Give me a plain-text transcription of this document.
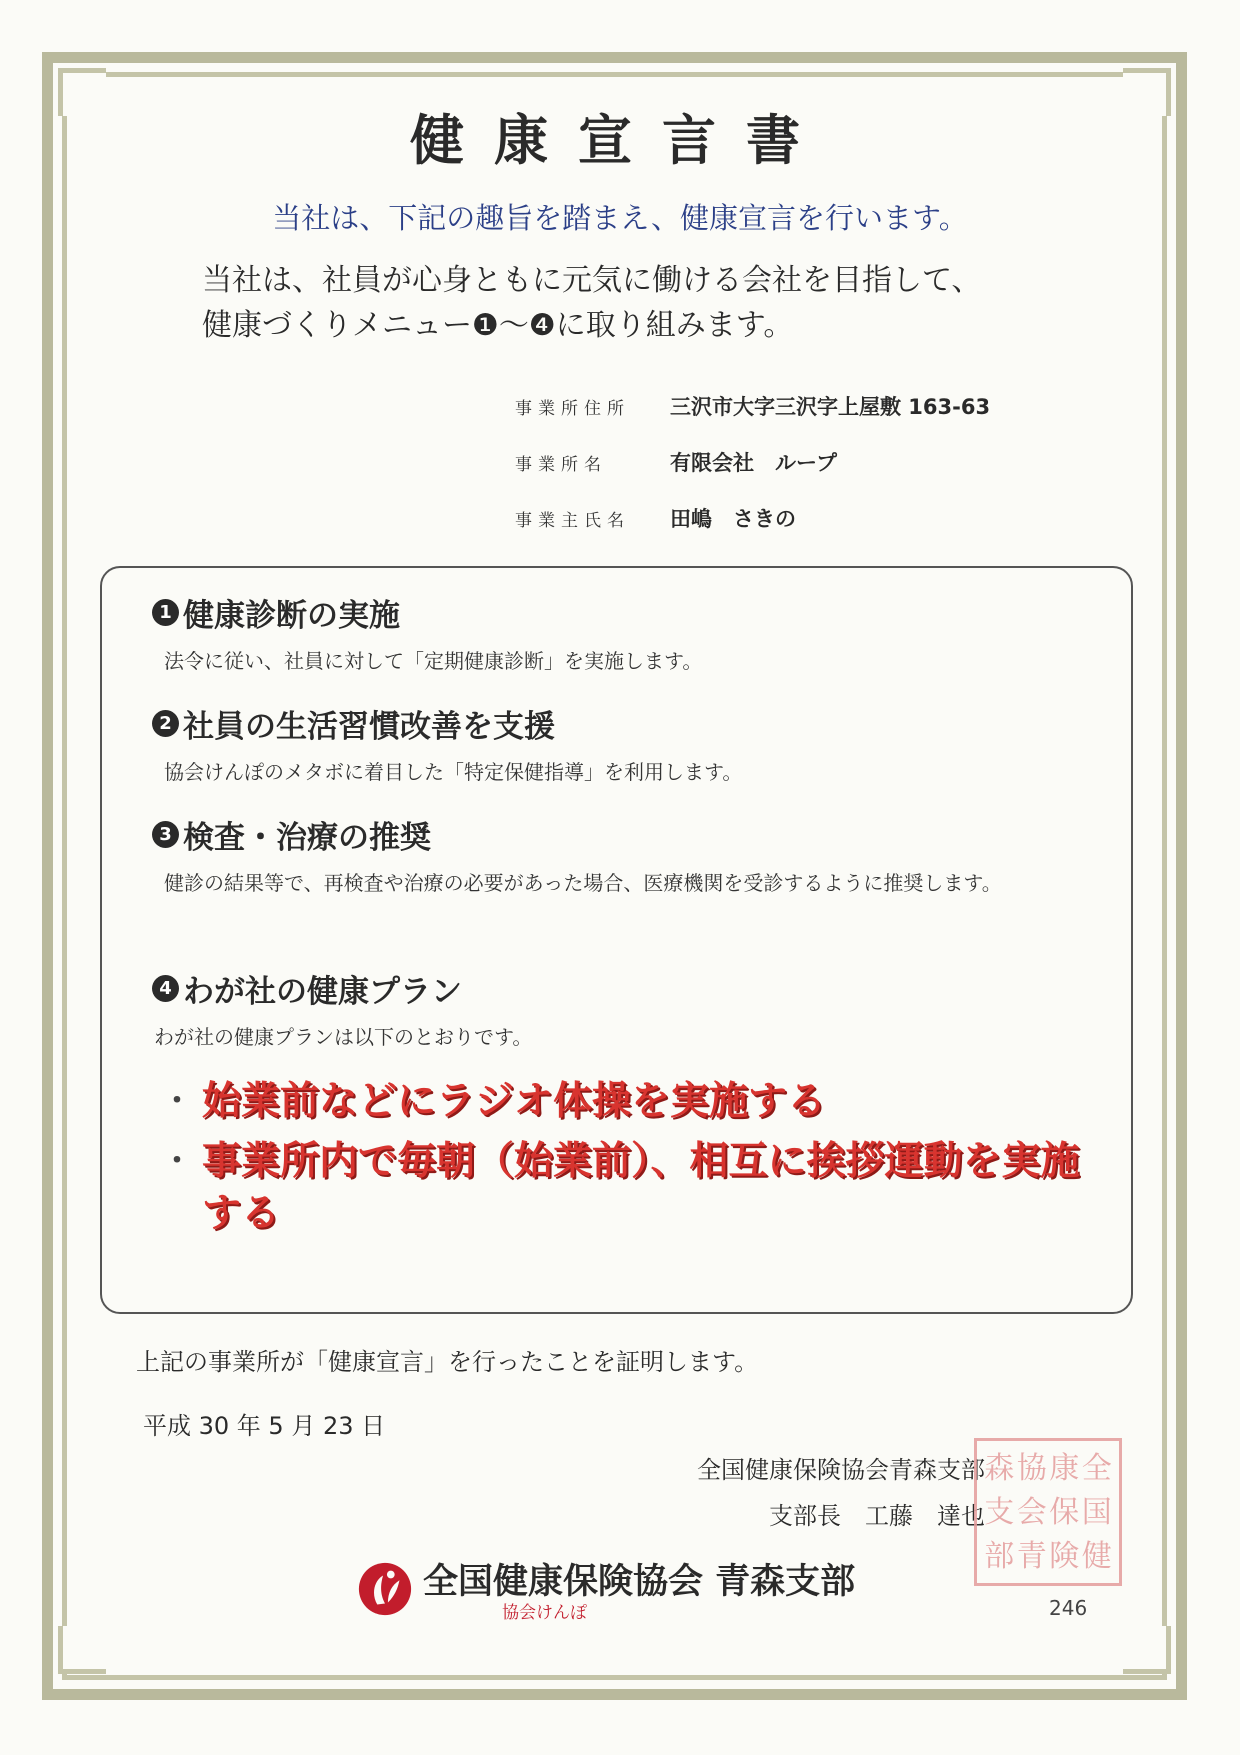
健康宣言書
当社は、下記の趣旨を踏まえ、健康宣言を行います。
当社は、社員が心身ともに元気に働ける会社を目指して、
健康づくりメニュー❶～❹に取り組みます。
事業所住所	三沢市大字三沢字上屋敷 163-63
事業所名	有限会社　ループ
事業主氏名	田嶋　さきの
1 健康診断の実施
法令に従い、社員に対して「定期健康診断」を実施します。
2 社員の生活習慣改善を支援
協会けんぽのメタボに着目した「特定保健指導」を利用します。
3 検査・治療の推奨
健診の結果等で、再検査や治療の必要があった場合、医療機関を受診するように推奨します。
4 わが社の健康プラン
わが社の健康プランは以下のとおりです。
・ 始業前などにラジオ体操を実施する
・ 事業所内で毎朝（始業前）、相互に挨拶運動を実施する
上記の事業所が「健康宣言」を行ったことを証明します。
平成 30 年 5 月 23 日
全国健康保険協会青森支部
支部長　工藤　達也
森 協 康 全
支 会 保 国
部 青 険 健
全国健康保険協会 青森支部
協会けんぽ	246
